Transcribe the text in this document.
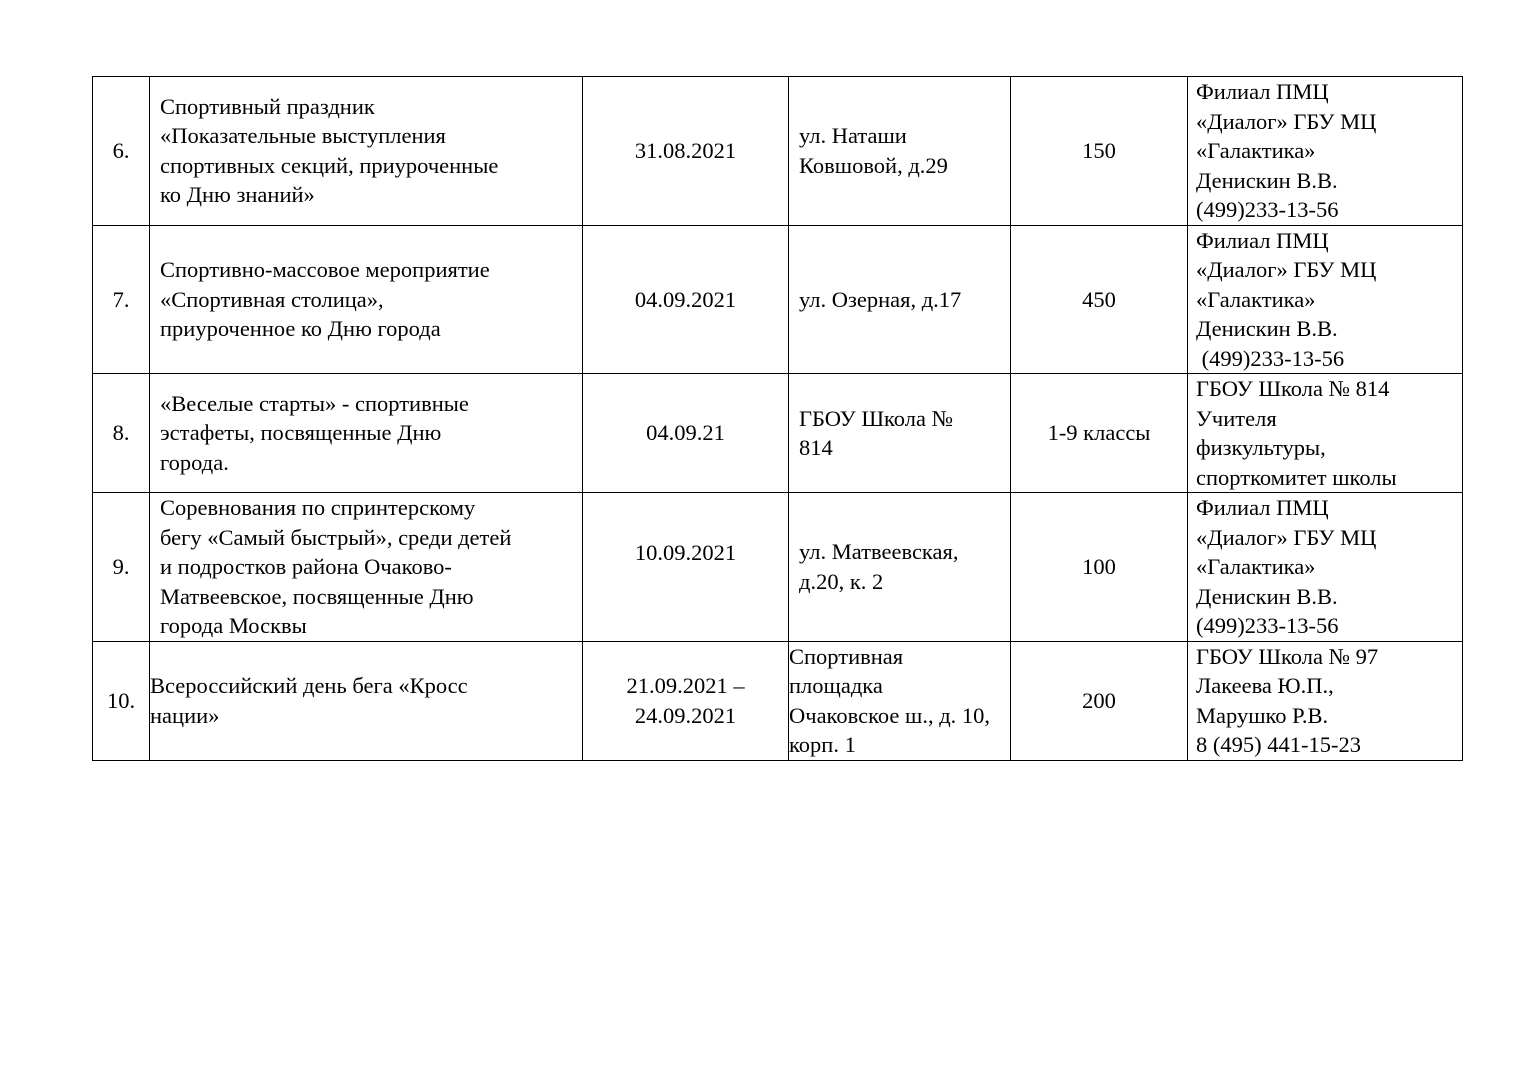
6.	Спортивный праздник
«Показательные выступления
спортивных секций, приуроченные
ко Дню знаний»	31.08.2021	ул. Наташи
Ковшовой, д.29	150	Филиал ПМЦ
«Диалог» ГБУ МЦ
«Галактика»
Денискин В.В.
(499)233-13-56

7.	Спортивно-массовое мероприятие
«Спортивная столица»,
приуроченное ко Дню города	04.09.2021	ул. Озерная, д.17	450	Филиал ПМЦ
«Диалог» ГБУ МЦ
«Галактика»
Денискин В.В.
(499)233-13-56

8.	«Веселые старты» - спортивные
эстафеты, посвященные Дню
города.	04.09.21	ГБОУ Школа №
814	1-9 классы	ГБОУ Школа № 814
Учителя
физкультуры,
спорткомитет школы

9.	Соревнования по спринтерскому
бегу «Самый быстрый», среди детей
и подростков района Очаково-
Матвеевское, посвященные Дню
города Москвы	10.09.2021	ул. Матвеевская,
д.20, к. 2	100	Филиал ПМЦ
«Диалог» ГБУ МЦ
«Галактика»
Денискин В.В.
(499)233-13-56

10.	Всероссийский день бега «Кросс
нации»	21.09.2021 –
24.09.2021	Спортивная
площадка
Очаковское ш., д. 10,
корп. 1	200	ГБОУ Школа № 97
Лакеева Ю.П.,
Марушко Р.В.
8 (495) 441-15-23
